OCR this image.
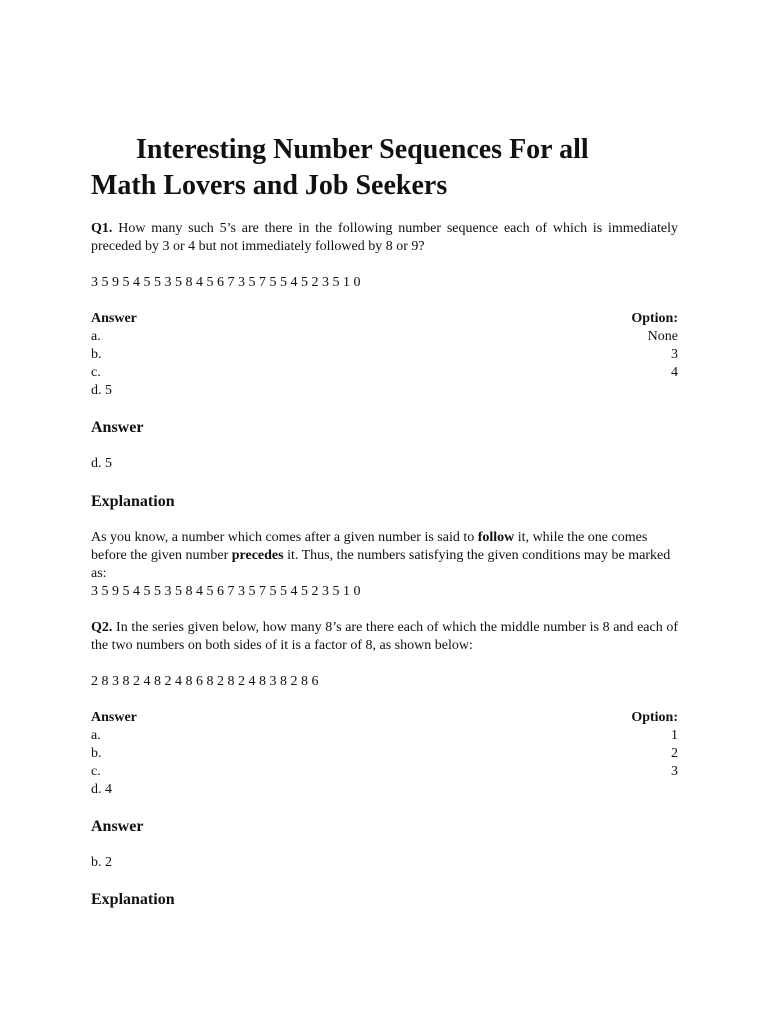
Interesting Number Sequences For all
Math Lovers and Job Seekers

Q1. How many such 5’s are there in the following number sequence each of which is immediately preceded by 3 or 4 but not immediately followed by 8 or 9?

3 5 9 5 4 5 5 3 5 8 4 5 6 7 3 5 7 5 5 4 5 2 3 5 1 0

Answer	Option:
a.	None
b.	3
c.	4
d. 5
Answer

d. 5

Explanation

As you know, a number which comes after a given number is said to follow it, while the one comes before the given number precedes it. Thus, the numbers satisfying the given conditions may be marked as:

3 5 9 5 4 5 5 3 5 8 4 5 6 7 3 5 7 5 5 4 5 2 3 5 1 0

Q2. In the series given below, how many 8’s are there each of which the middle number is 8 and each of the two numbers on both sides of it is a factor of 8, as shown below:

2 8 3 8 2 4 8 2 4 8 6 8 2 8 2 4 8 3 8 2 8 6

Answer	Option:
a.	1
b.	2
c.	3
d. 4
Answer

b. 2

Explanation
